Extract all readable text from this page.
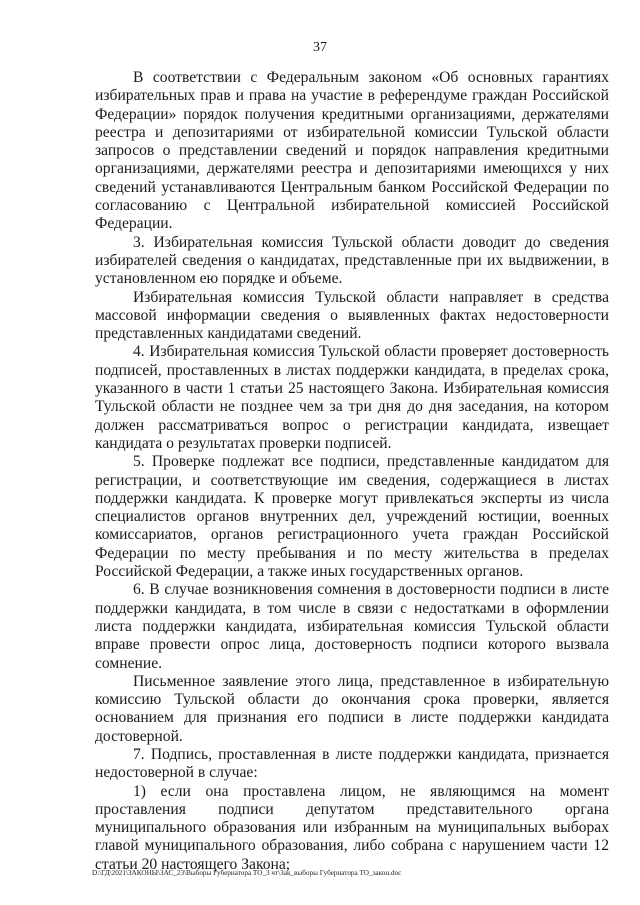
37

В соответствии с Федеральным законом «Об основных гарантиях избирательных прав и права на участие в референдуме граждан Российской Федерации» порядок получения кредитными организациями, держателями реестра и депозитариями от избирательной комиссии Тульской области запросов о представлении сведений и порядок направления кредитными организациями, держателями реестра и депозитариями имеющихся у них сведений устанавливаются Центральным банком Российской Федерации по согласованию с Центральной избирательной комиссией Российской Федерации.

3. Избирательная комиссия Тульской области доводит до сведения избирателей сведения о кандидатах, представленные при их выдвижении, в установленном ею порядке и объеме.

Избирательная комиссия Тульской области направляет в средства массовой информации сведения о выявленных фактах недостоверности представленных кандидатами сведений.

4. Избирательная комиссия Тульской области проверяет достоверность подписей, проставленных в листах поддержки кандидата, в пределах срока, указанного в части 1 статьи 25 настоящего Закона. Избирательная комиссия Тульской области не позднее чем за три дня до дня заседания, на котором должен рассматриваться вопрос о регистрации кандидата, извещает кандидата о результатах проверки подписей.

5. Проверке подлежат все подписи, представленные кандидатом для регистрации, и соответствующие им сведения, содержащиеся в листах поддержки кандидата. К проверке могут привлекаться эксперты из числа специалистов органов внутренних дел, учреждений юстиции, военных комиссариатов, органов регистрационного учета граждан Российской Федерации по месту пребывания и по месту жительства в пределах Российской Федерации, а также иных государственных органов.

6. В случае возникновения сомнения в достоверности подписи в листе поддержки кандидата, в том числе в связи с недостатками в оформлении листа поддержки кандидата, избирательная комиссия Тульской области вправе провести опрос лица, достоверность подписи которого вызвала сомнение.

Письменное заявление этого лица, представленное в избирательную комиссию Тульской области до окончания срока проверки, является основанием для признания его подписи в листе поддержки кандидата достоверной.

7. Подпись, проставленная в листе поддержки кандидата, признается недостоверной в случае:

1) если она проставлена лицом, не являющимся на момент проставления подписи депутатом представительного органа муниципального образования или избранным на муниципальных выборах главой муниципального образования, либо собрана с нарушением части 12 статьи 20 настоящего Закона;

D:\ГД\2021\ЗАКОНЫ\ЗАС_23\Выборы Губернатора ТО_3 чт\Зак_выборы Губернатора ТО_закон.doc
